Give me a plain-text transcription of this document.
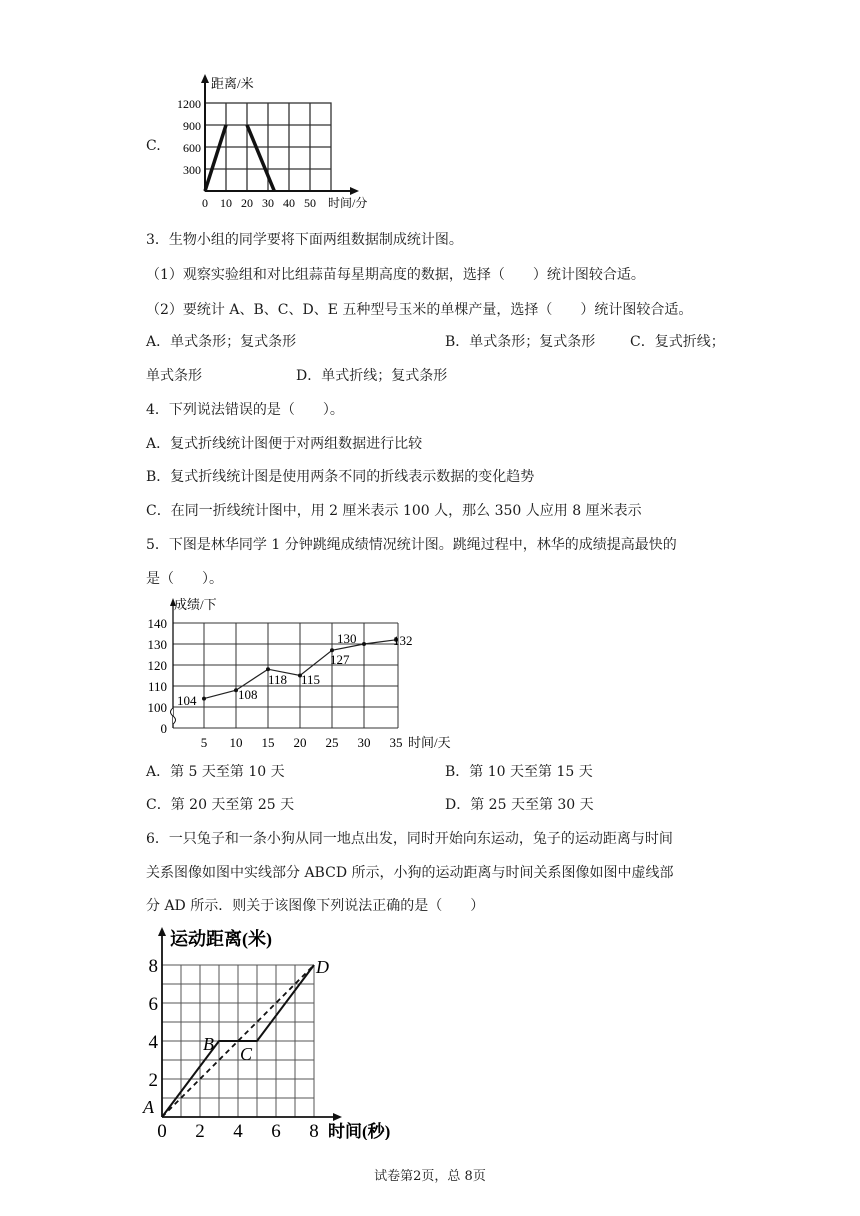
C.
距离/米
1200
900
600
300
0 10 20 30 40 50 时间/分
3．生物小组的同学要将下面两组数据制成统计图。
（1）观察实验组和对比组蒜苗每星期高度的数据，选择（　　）统计图较合适。
（2）要统计 A、B、C、D、E 五种型号玉米的单棵产量，选择（　　）统计图较合适。
A．单式条形；复式条形	B．单式条形；复式条形 C．复式折线；
单式条形	D．单式折线；复式条形
4．下列说法错误的是（　　）。
A．复式折线统计图便于对两组数据进行比较
B．复式折线统计图是使用两条不同的折线表示数据的变化趋势
C．在同一折线统计图中，用 2 厘米表示 100 人，那么 350 人应用 8 厘米表示
5．下图是林华同学 1 分钟跳绳成绩情况统计图。跳绳过程中，林华的成绩提高最快的
是（　　）。
成绩/下
140
130
120
110
100
0
5 10 15 20 25 30 35 时间/天
104	108
118 115
127
130	132
A．第 5 天至第 10 天	B．第 10 天至第 15 天
C．第 20 天至第 25 天	D．第 25 天至第 30 天
6．一只兔子和一条小狗从同一地点出发，同时开始向东运动，兔子的运动距离与时间
关系图像如图中实线部分 ABCD 所示，小狗的运动距离与时间关系图像如图中虚线部
分 AD 所示．则关于该图像下列说法正确的是（　　）
A
B C
D
运动距离(米)
8
6
4
2
0 2 4 6 8 时间(秒)
试卷第2页，总 8页
